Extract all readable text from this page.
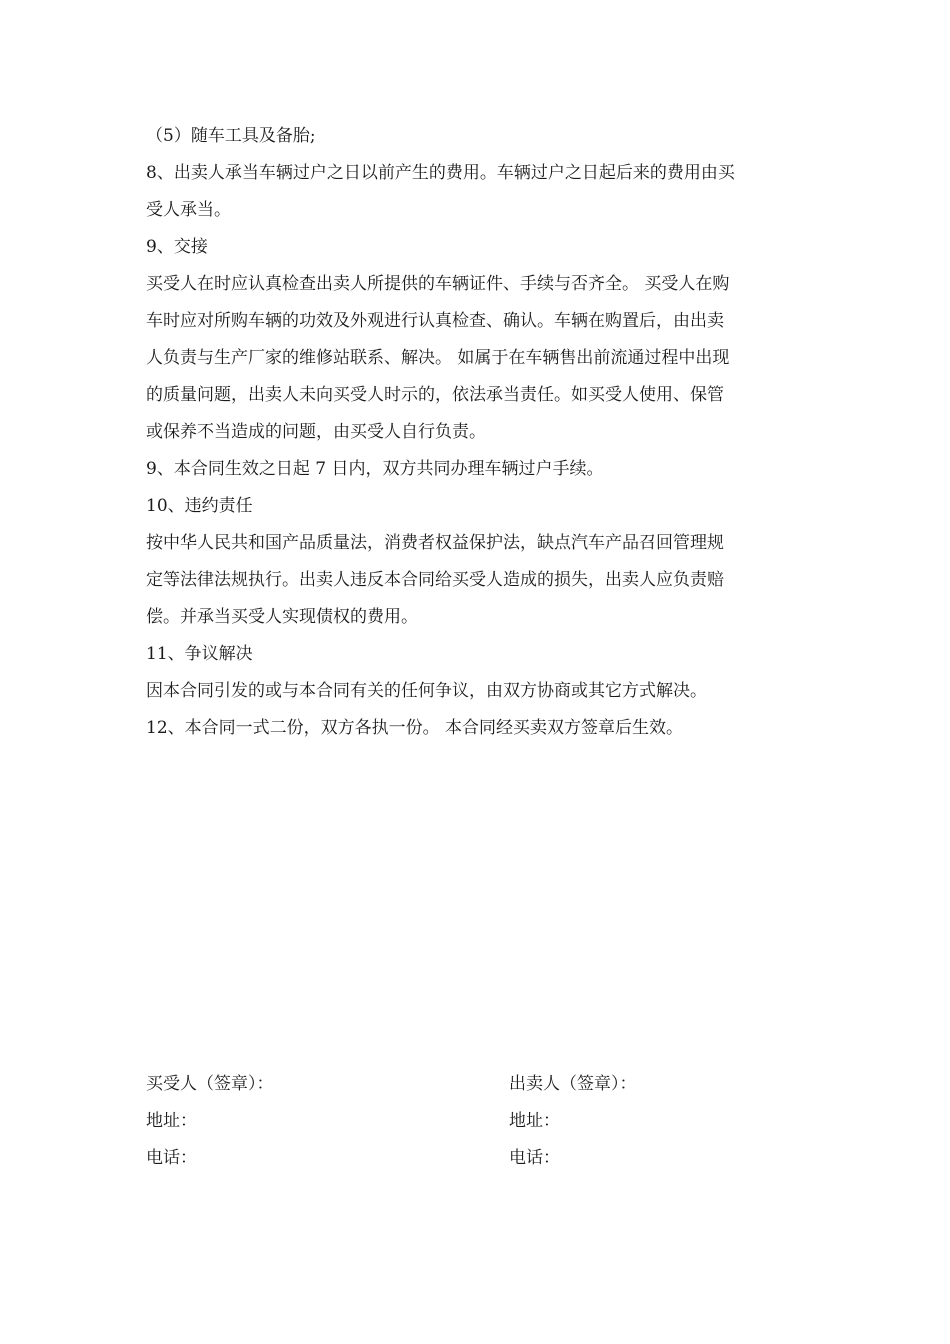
（5）随车工具及备胎;

8、出卖人承当车辆过户之日以前产生的费用。车辆过户之日起后来的费用由买

受人承当。

9、交接

买受人在时应认真检查出卖人所提供的车辆证件、手续与否齐全。 买受人在购

车时应对所购车辆的功效及外观进行认真检查、确认。车辆在购置后，由出卖

人负责与生产厂家的维修站联系、解决。 如属于在车辆售出前流通过程中出现

的质量问题，出卖人未向买受人时示的，依法承当责任。如买受人使用、保管

或保养不当造成的问题，由买受人自行负责。

9、本合同生效之日起 7 日内，双方共同办理车辆过户手续。

10、违约责任

按中华人民共和国产品质量法，消费者权益保护法，缺点汽车产品召回管理规

定等法律法规执行。出卖人违反本合同给买受人造成的损失，出卖人应负责赔

偿。并承当买受人实现债权的费用。

11、争议解决

因本合同引发的或与本合同有关的任何争议，由双方协商或其它方式解决。

12、本合同一式二份，双方各执一份。 本合同经买卖双方签章后生效。

买受人（签章）：

地址：

电话：

出卖人（签章）：

地址：

电话：
